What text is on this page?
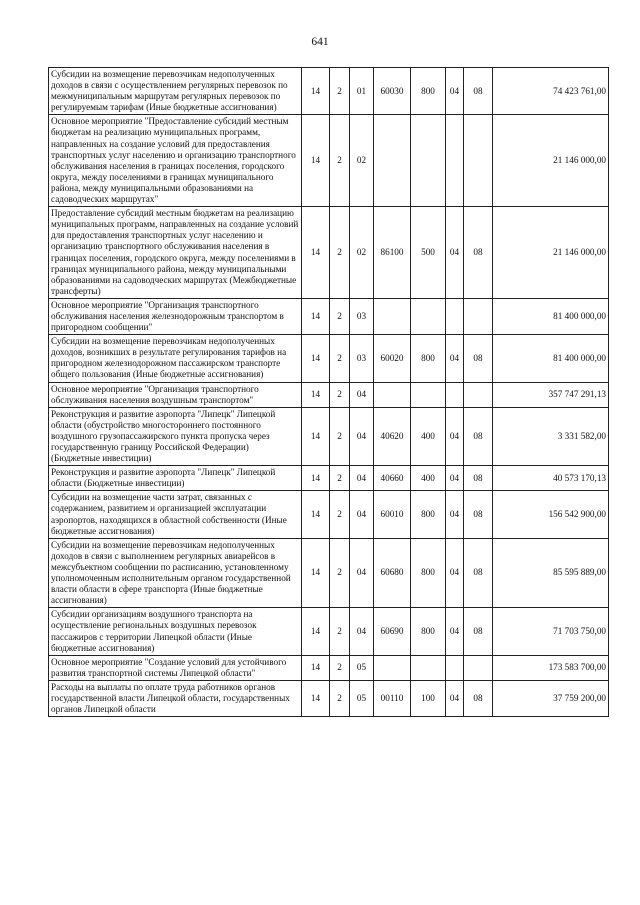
641
Субсидии на возмещение перевозчикам недополученных доходов в связи с осуществлением регулярных перевозок по межмуниципальным маршрутам регулярных перевозок по регулируемым тарифам (Иные бюджетные ассигнования)	14	2	01	60030	800	04	08	74 423 761,00
Основное мероприятие "Предоставление субсидий местным бюджетам на реализацию муниципальных программ, направленных на создание условий для предоставления транспортных услуг населению и организацию транспортного обслуживания населения в границах поселения, городского округа, между поселениями в границах муниципального района, между муниципальными образованиями на садоводческих маршрутах"	14	2	02					21 146 000,00
Предоставление субсидий местным бюджетам на реализацию муниципальных программ, направленных на создание условий для предоставления транспортных услуг населению и организацию транспортного обслуживания населения в границах поселения, городского округа, между поселениями в границах муниципального района, между муниципальными образованиями на садоводческих маршрутах (Межбюджетные трансферты)	14	2	02	86100	500	04	08	21 146 000,00
Основное мероприятие "Организация транспортного обслуживания населения железнодорожным транспортом в пригородном сообщении"	14	2	03					81 400 000,00
Субсидии на возмещение перевозчикам недополученных доходов, возникших в результате регулирования тарифов на пригородном железнодорожном пассажирском транспорте общего пользования (Иные бюджетные ассигнования)	14	2	03	60020	800	04	08	81 400 000,00
Основное мероприятие "Организация транспортного обслуживания населения воздушным транспортом"	14	2	04					357 747 291,13
Реконструкция и развитие аэропорта "Липецк" Липецкой области (обустройство многостороннего постоянного воздушного грузопассажирского пункта пропуска через государственную границу Российской Федерации) (Бюджетные инвестиции)	14	2	04	40620	400	04	08	3 331 582,00
Реконструкция и развитие аэропорта "Липецк" Липецкой области (Бюджетные инвестиции)	14	2	04	40660	400	04	08	40 573 170,13
Субсидии на возмещение части затрат, связанных с содержанием, развитием и организацией эксплуатации аэропортов, находящихся в областной собственности (Иные бюджетные ассигнования)	14	2	04	60010	800	04	08	156 542 900,00
Субсидии на возмещение перевозчикам недополученных доходов в связи с выполнением регулярных авиарейсов в межсубъектном сообщении по расписанию, установленному уполномоченным исполнительным органом государственной власти области в сфере транспорта (Иные бюджетные ассигнования)	14	2	04	60680	800	04	08	85 595 889,00
Субсидии организациям воздушного транспорта на осуществление региональных воздушных перевозок пассажиров с территории Липецкой области (Иные бюджетные ассигнования)	14	2	04	60690	800	04	08	71 703 750,00
Основное мероприятие "Создание условий для устойчивого развития транспортной системы Липецкой области"	14	2	05					173 583 700,00
Расходы на выплаты по оплате труда работников органов государственной власти Липецкой области, государственных органов Липецкой области	14	2	05	00110	100	04	08	37 759 200,00
